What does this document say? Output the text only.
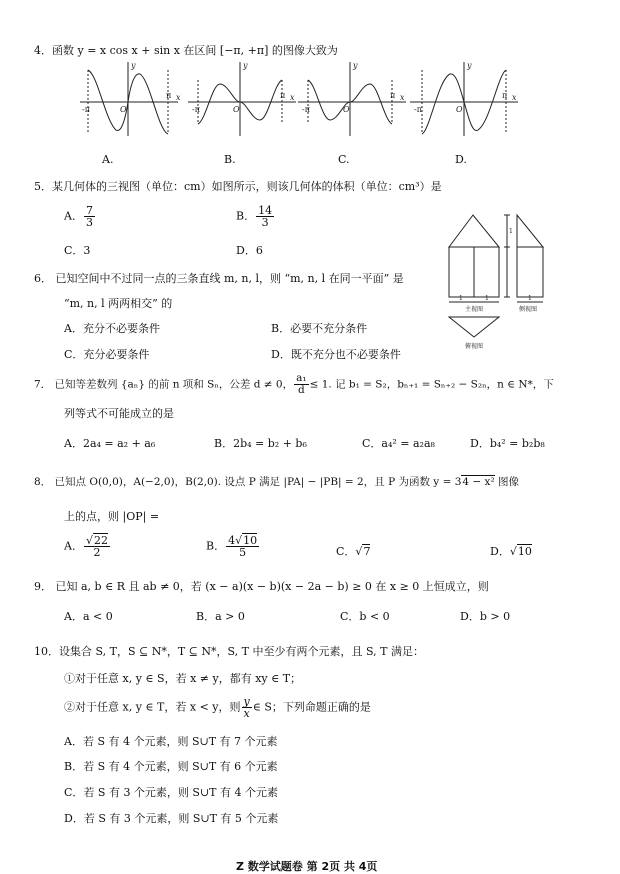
4．函数 y = x cos x + sin x 在区间 [−π, +π] 的图像大致为
-π
π x
y
O	-π
π x
y
O	-π
π x
y
O	-π
π x
y
O
A.	B.	C.	D.
5．某几何体的三视图（单位：cm）如图所示，则该几何体的体积（单位：cm³）是
A． $\frac{7}{3}$	B． $\frac{14}{3}$
C．3	D．6
1	1	1
1
主视图	侧视图
俯视图
6． 已知空间中不过同一点的三条直线 m, n, l，则 “m, n, l 在同一平面” 是
“m, n, l 两两相交” 的
A．充分不必要条件	B．必要不充分条件
C．充分必要条件	D．既不充分也不必要条件
7． 已知等差数列 {aₙ} 的前 n 项和 Sₙ，公差 d ≠ 0， $\frac{\text{a₁}}{d} \le 1$. 记 b₁ = S₂，bₙ₊₁ = Sₙ₊₂ − S₂ₙ，n ∈ N*，下
列等式不可能成立的是
A．2a₄ = a₂ + a₆	B．2b₄ = b₂ + b₆	C．a₄² = a₂a₈	D．b₄² = b₂b₈
8． 已知点 O(0,0)，A(−2,0)，B(2,0). 设点 P 满足 |PA| − |PB| = 2，且 P 为函数 y = 34 − x² 图像
上的点，则 |OP| =
A． $\frac{√22}{2}$	B． $\frac{4√10}{5}$	C．√7	D．√10
9． 已知 a, b ∈ R 且 ab ≠ 0，若 (x − a)(x − b)(x − 2a − b) ≥ 0 在 x ≥ 0 上恒成立，则
A．a < 0	B．a > 0	C．b < 0	D．b > 0
10．设集合 S, T，S ⊆ N*，T ⊆ N*，S, T 中至少有两个元素，且 S, T 满足：
①对于任意 x, y ∈ S，若 x ≠ y，都有 xy ∈ T；
②对于任意 x, y ∈ T，若 x < y，则 $\frac{y}{x}$ ∈ S；下列命题正确的是
A．若 S 有 4 个元素，则 S∪T 有 7 个元素
B．若 S 有 4 个元素，则 S∪T 有 6 个元素
C．若 S 有 3 个元素，则 S∪T 有 4 个元素
D．若 S 有 3 个元素，则 S∪T 有 5 个元素
Z 数学试题卷 第 2页 共 4页
